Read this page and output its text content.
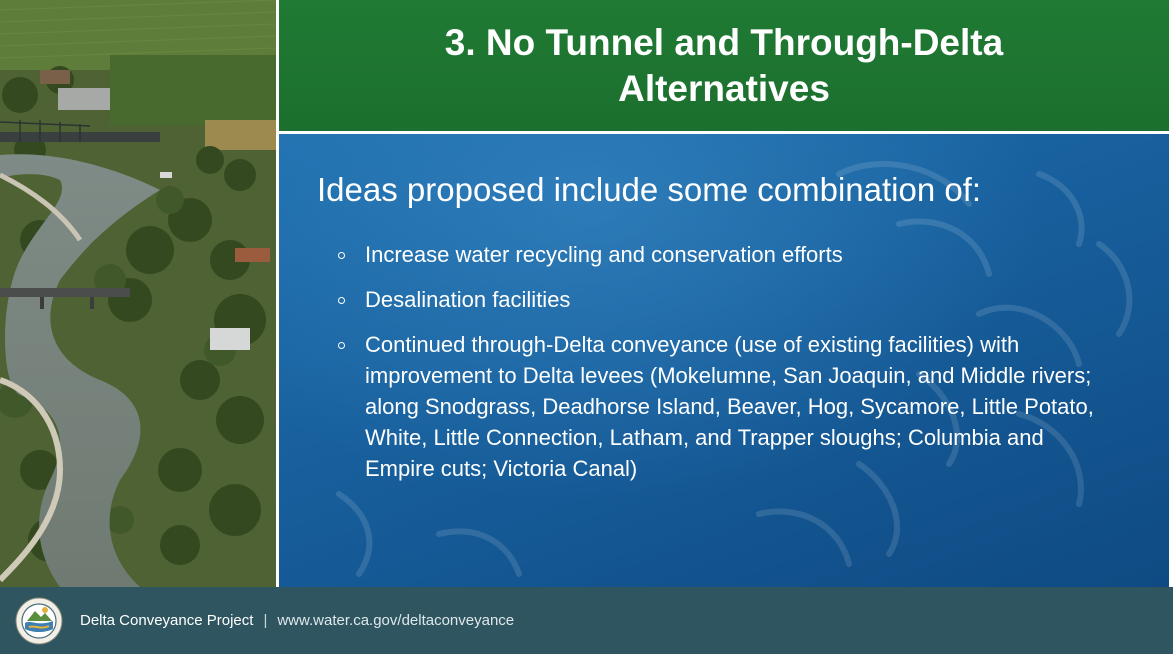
3. No Tunnel and Through-Delta Alternatives

Ideas proposed include some combination of:

Increase water recycling and conservation efforts
Desalination facilities
Continued through-Delta conveyance (use of existing facilities) with improvement to Delta levees (Mokelumne, San Joaquin, and Middle rivers; along Snodgrass, Deadhorse Island, Beaver, Hog, Sycamore, Little Potato, White, Little Connection, Latham, and Trapper sloughs; Columbia and Empire cuts; Victoria Canal)
Delta Conveyance Project | www.water.ca.gov/deltaconveyance
